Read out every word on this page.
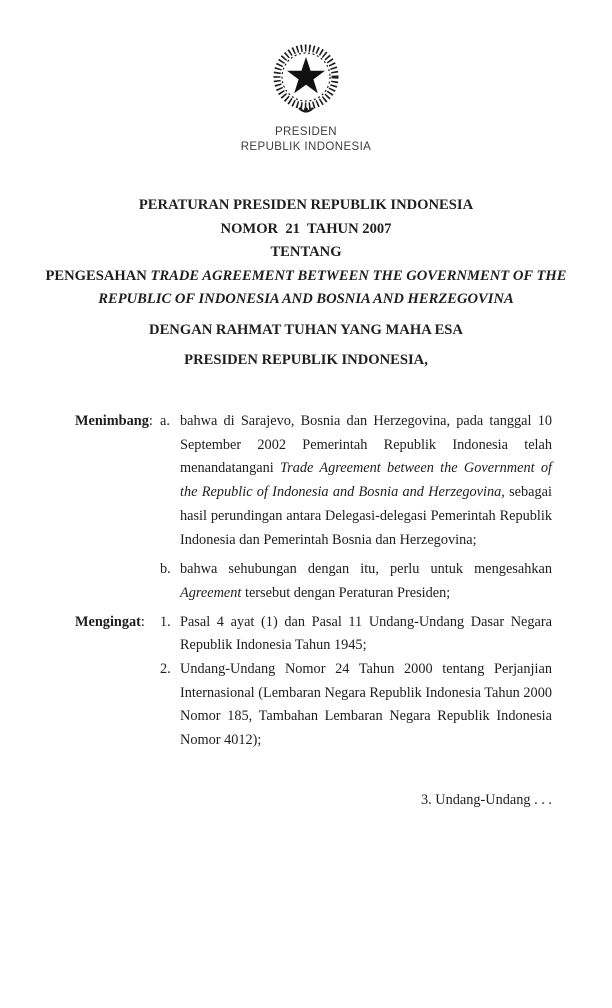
PRESIDEN
REPUBLIK INDONESIA
PERATURAN PRESIDEN REPUBLIK INDONESIA
NOMOR  21  TAHUN 2007
TENTANG
PENGESAHAN TRADE AGREEMENT BETWEEN THE GOVERNMENT OF THE
REPUBLIC OF INDONESIA AND BOSNIA AND HERZEGOVINA
DENGAN RAHMAT TUHAN YANG MAHA ESA
PRESIDEN REPUBLIK INDONESIA,
Menimbang : a. bahwa di Sarajevo, Bosnia dan Herzegovina, pada tanggal 10 September 2002 Pemerintah Republik Indonesia telah menandatangani Trade Agreement between the Government of the Republic of Indonesia and Bosnia and Herzegovina, sebagai hasil perundingan antara Delegasi-delegasi Pemerintah Republik Indonesia dan Pemerintah Bosnia dan Herzegovina;
b. bahwa sehubungan dengan itu, perlu untuk mengesahkan Agreement tersebut dengan Peraturan Presiden;
Mengingat : 1. Pasal 4 ayat (1) dan Pasal 11 Undang-Undang Dasar Negara Republik Indonesia Tahun 1945;
2. Undang-Undang Nomor 24 Tahun 2000 tentang Perjanjian Internasional (Lembaran Negara Republik Indonesia Tahun 2000 Nomor 185, Tambahan Lembaran Negara Republik Indonesia Nomor 4012);
3. Undang-Undang . . .
